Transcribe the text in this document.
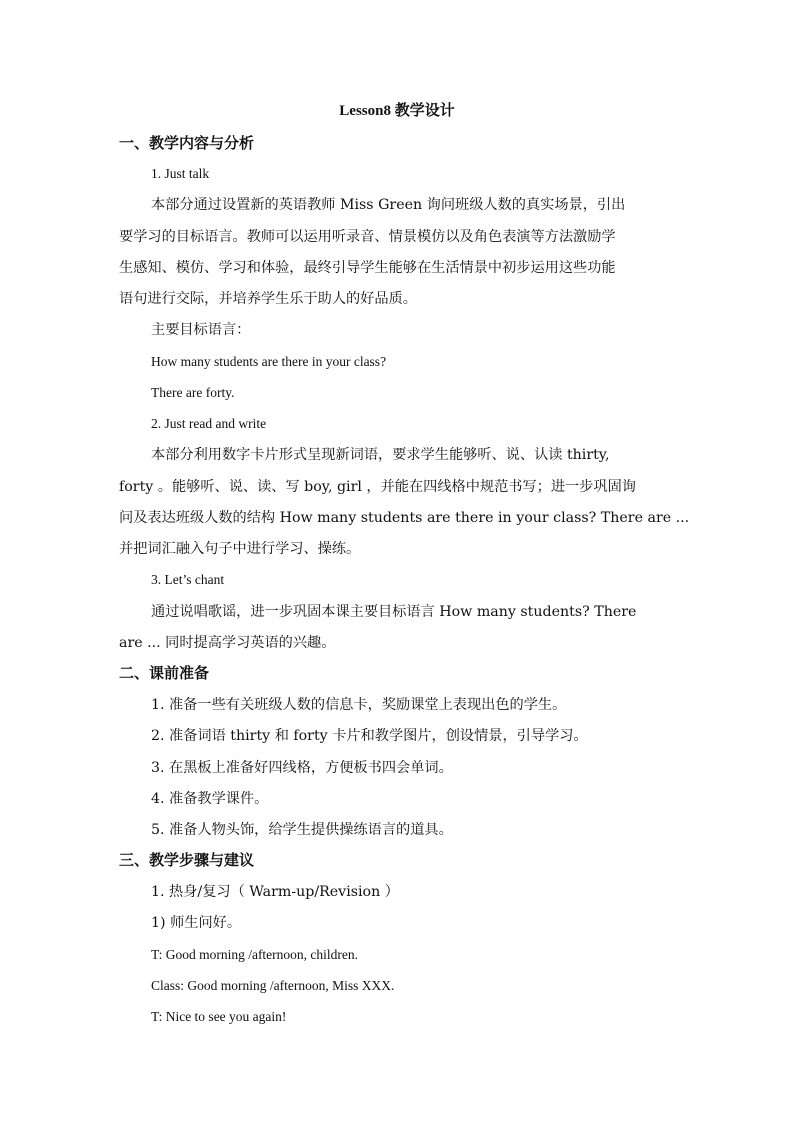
Lesson8 教学设计
一、教学内容与分析
1. Just talk
本部分通过设置新的英语教师 Miss Green 询问班级人数的真实场景，引出
要学习的目标语言。教师可以运用听录音、情景模仿以及角色表演等方法激励学
生感知、模仿、学习和体验，最终引导学生能够在生活情景中初步运用这些功能
语句进行交际，并培养学生乐于助人的好品质。
主要目标语言：
How many students are there in your class?
There are forty.
2. Just read and write
本部分利用数字卡片形式呈现新词语，要求学生能够听、说、认读 thirty,
forty 。能够听、说、读、写 boy, girl ，并能在四线格中规范书写；进一步巩固询
问及表达班级人数的结构 How many students are there in your class? There are ...
并把词汇融入句子中进行学习、操练。
3. Let’s chant
通过说唱歌谣，进一步巩固本课主要目标语言 How many students? There
are ... 同时提高学习英语的兴趣。
二、课前准备
1. 准备一些有关班级人数的信息卡，奖励课堂上表现出色的学生。
2. 准备词语 thirty 和 forty 卡片和教学图片，创设情景，引导学习。
3. 在黑板上准备好四线格，方便板书四会单词。
4. 准备教学课件。
5. 准备人物头饰，给学生提供操练语言的道具。
三、教学步骤与建议
1. 热身/复习（ Warm-up/Revision ）
1) 师生问好。
T: Good morning /afternoon, children.
Class: Good morning /afternoon, Miss XXX.
T: Nice to see you again!
